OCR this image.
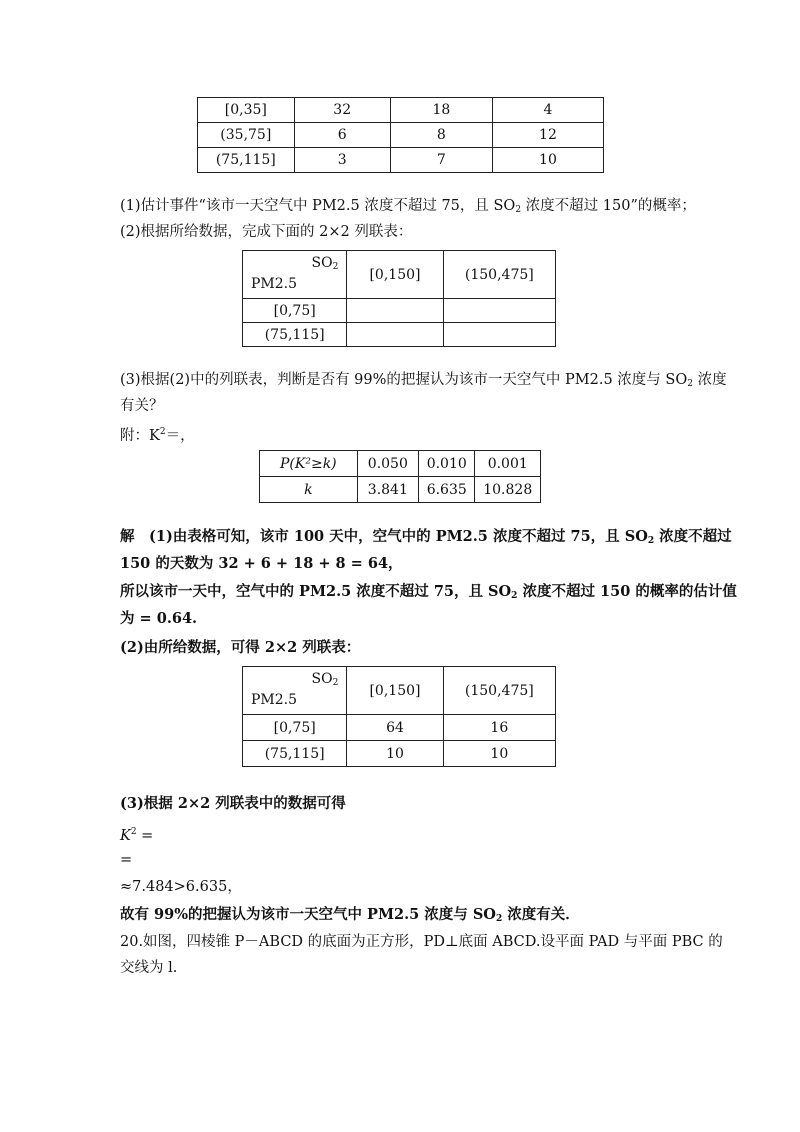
[0,35]	32	18	4
(35,75]	6	8	12
(75,115]	3	7	10
(1)估计事件“该市一天空气中 PM2.5 浓度不超过 75，且 $SO_2$ 浓度不超过 150”的概率；
(2)根据所给数据，完成下面的 2×2 列联表：
$SO_2$
PM2.5	[0,150]	(150,475]
[0,75]		
(75,115]		
(3)根据(2)中的列联表，判断是否有 99%的把握认为该市一天空气中 PM2.5 浓度与 $SO_2$ 浓度
有关？
附：$K^2=$，
P(K²≥k)	0.050	0.010	0.001
k	3.841	6.635	10.828
解　(1)由表格可知，该市 100 天中，空气中的 PM2.5 浓度不超过 75，且 $SO_2$ 浓度不超过
150 的天数为 32 + 6 + 18 + 8 = 64，
所以该市一天中，空气中的 PM2.5 浓度不超过 75，且 $SO_2$ 浓度不超过 150 的概率的估计值
为 = 0.64.
(2)由所给数据，可得 2×2 列联表：
$SO_2$
PM2.5	[0,150]	(150,475]
[0,75]	64	16
(75,115]	10	10
(3)根据 2×2 列联表中的数据可得
$K^2$ =
=
≈7.484>6.635，
故有 99%的把握认为该市一天空气中 PM2.5 浓度与 $SO_2$ 浓度有关．
20.如图，四棱锥 P－ABCD 的底面为正方形，PD⊥底面 ABCD.设平面 PAD 与平面 PBC 的
交线为 l.
